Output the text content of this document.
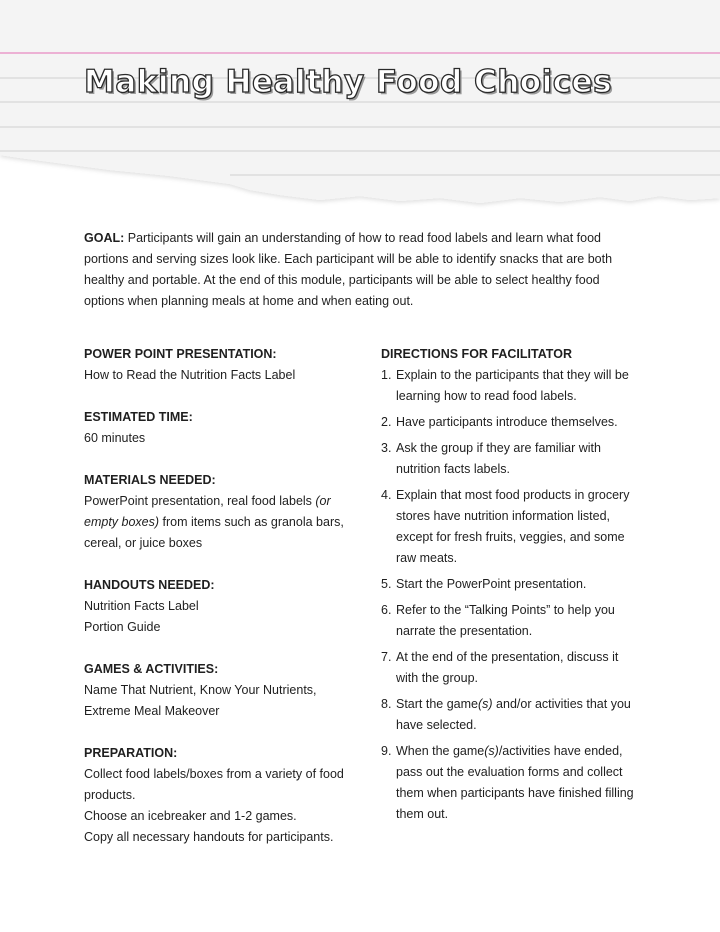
Making Healthy Food Choices

GOAL: Participants will gain an understanding of how to read food labels and learn what food portions and serving sizes look like. Each participant will be able to identify snacks that are both healthy and portable. At the end of this module, participants will be able to select healthy food options when planning meals at home and when eating out.

POWER POINT PRESENTATION:

How to Read the Nutrition Facts Label

ESTIMATED TIME:

60 minutes

MATERIALS NEEDED:

PowerPoint presentation, real food labels (or empty boxes) from items such as granola bars, cereal, or juice boxes

HANDOUTS NEEDED:
Nutrition Facts Label
Portion Guide
GAMES & ACTIVITIES:

Name That Nutrient, Know Your Nutrients, Extreme Meal Makeover

PREPARATION:
Collect food labels/boxes from a variety of food products.
Choose an icebreaker and 1-2 games.
Copy all necessary handouts for participants.
DIRECTIONS FOR FACILITATOR
1. Explain to the participants that they will be learning how to read food labels.
2. Have participants introduce themselves.
3. Ask the group if they are familiar with nutrition facts labels.
4. Explain that most food products in grocery stores have nutrition information listed, except for fresh fruits, veggies, and some raw meats.
5. Start the PowerPoint presentation.
6. Refer to the “Talking Points” to help you narrate the presentation.
7. At the end of the presentation, discuss it with the group.
8. Start the game(s) and/or activities that you have selected.
9. When the game(s)/activities have ended, pass out the evaluation forms and collect them when participants have finished filling them out.
